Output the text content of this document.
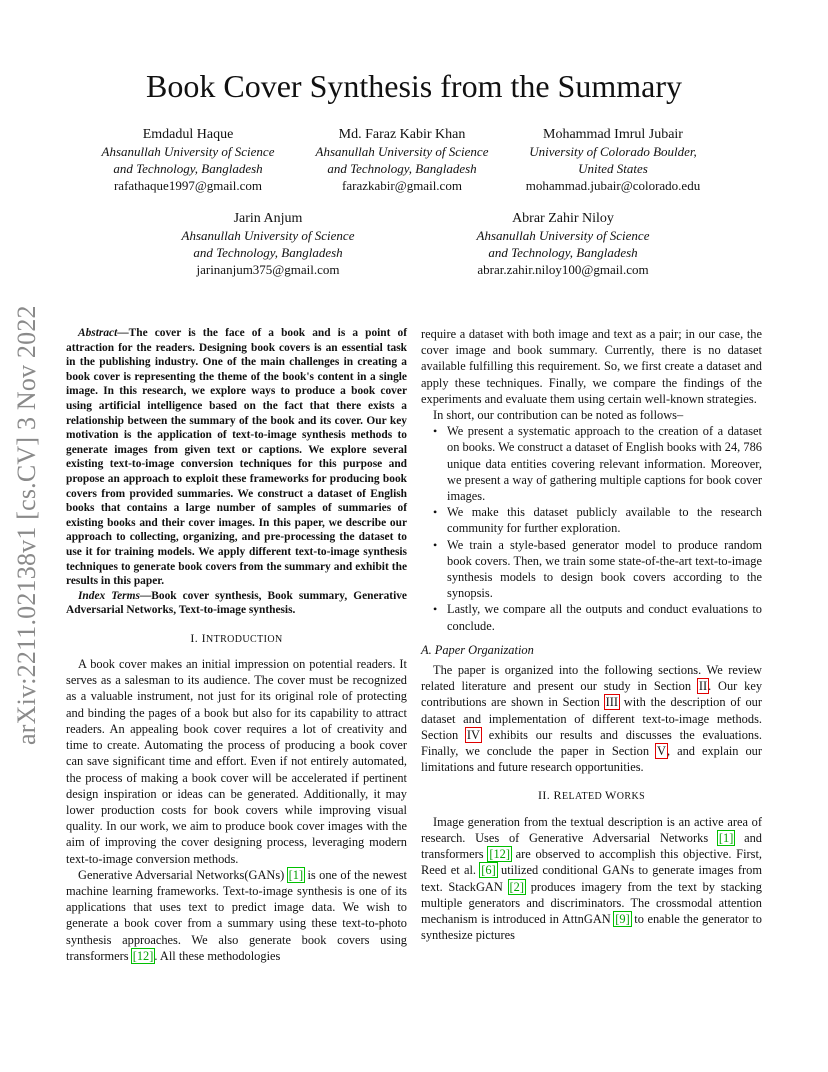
arXiv:2211.02138v1 [cs.CV] 3 Nov 2022
Book Cover Synthesis from the Summary
Emdadul Haque
Ahsanullah University of Science
and Technology, Bangladesh
rafathaque1997@gmail.com
Md. Faraz Kabir Khan
Ahsanullah University of Science
and Technology, Bangladesh
farazkabir@gmail.com
Mohammad Imrul Jubair
University of Colorado Boulder,
United States
mohammad.jubair@colorado.edu
Jarin Anjum
Ahsanullah University of Science
and Technology, Bangladesh
jarinanjum375@gmail.com
Abrar Zahir Niloy
Ahsanullah University of Science
and Technology, Bangladesh
abrar.zahir.niloy100@gmail.com

Abstract—The cover is the face of a book and is a point of attraction for the readers. Designing book covers is an essential task in the publishing industry. One of the main challenges in creating a book cover is representing the theme of the book's content in a single image. In this research, we explore ways to produce a book cover using artificial intelligence based on the fact that there exists a relationship between the summary of the book and its cover. Our key motivation is the application of text-to-image synthesis methods to generate images from given text or captions. We explore several existing text-to-image conversion techniques for this purpose and propose an approach to exploit these frameworks for producing book covers from provided summaries. We construct a dataset of English books that contains a large number of samples of summaries of existing books and their cover images. In this paper, we describe our approach to collecting, organizing, and pre-processing the dataset to use it for training models. We apply different text-to-image synthesis techniques to generate book covers from the summary and exhibit the results in this paper.

Index Terms—Book cover synthesis, Book summary, Generative Adversarial Networks, Text-to-image synthesis.

I. INTRODUCTION

A book cover makes an initial impression on potential readers. It serves as a salesman to its audience. The cover must be recognized as a valuable instrument, not just for its original role of protecting and binding the pages of a book but also for its capability to attract readers. An appealing book cover requires a lot of creativity and time to create. Automating the process of producing a book cover can save significant time and effort. Even if not entirely automated, the process of making a book cover will be accelerated if pertinent design inspiration or ideas can be generated. Additionally, it may lower production costs for book covers while improving visual quality. In our work, we aim to produce book cover images with the aim of improving the cover designing process, leveraging modern text-to-image conversion methods.

Generative Adversarial Networks(GANs) [1] is one of the newest machine learning frameworks. Text-to-image synthesis is one of its applications that uses text to predict image data. We wish to generate a book cover from a summary using these text-to-photo synthesis approaches. We also generate book covers using transformers [12]. All these methodologies

require a dataset with both image and text as a pair; in our case, the cover image and book summary. Currently, there is no dataset available fulfilling this requirement. So, we first create a dataset and apply these techniques. Finally, we compare the findings of the experiments and evaluate them using certain well-known strategies.

In short, our contribution can be noted as follows–

• We present a systematic approach to the creation of a dataset on books. We construct a dataset of English books with 24, 786 unique data entities covering relevant information. Moreover, we present a way of gathering multiple captions for book cover images.
• We make this dataset publicly available to the research community for further exploration.
• We train a style-based generator model to produce random book covers. Then, we train some state-of-the-art text-to-image synthesis models to design book covers according to the synopsis.
• Lastly, we compare all the outputs and conduct evaluations to conclude.
A. Paper Organization

The paper is organized into the following sections. We review related literature and present our study in Section II. Our key contributions are shown in Section III with the description of our dataset and implementation of different text-to-image methods. Section IV exhibits our results and discusses the evaluations. Finally, we conclude the paper in Section V, and explain our limitations and future research opportunities.

II. RELATED WORKS

Image generation from the textual description is an active area of research. Uses of Generative Adversarial Networks [1] and transformers [12] are observed to accomplish this objective. First, Reed et al. [6] utilized conditional GANs to generate images from text. StackGAN [2] produces imagery from the text by stacking multiple generators and discriminators. The crossmodal attention mechanism is introduced in AttnGAN [9] to enable the generator to synthesize pictures
